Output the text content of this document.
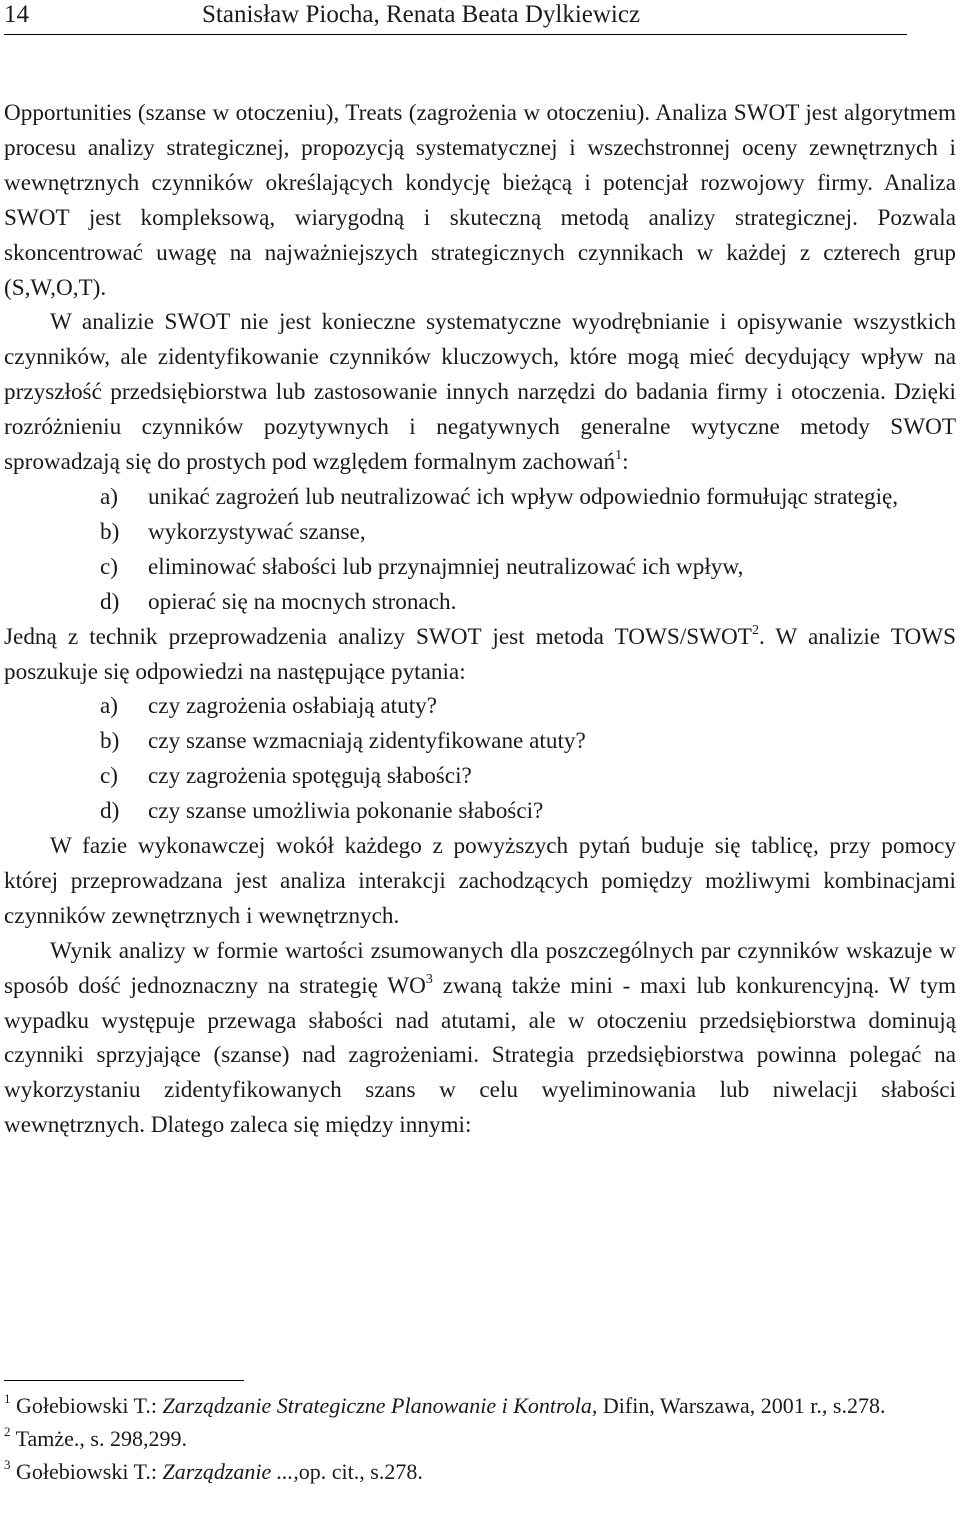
14	Stanisław Piocha, Renata Beata Dylkiewicz

Opportunities (szanse w otoczeniu), Treats (zagrożenia w otoczeniu). Analiza SWOT jest algorytmem procesu analizy strategicznej, propozycją systematycznej i wszechstronnej oceny zewnętrznych i wewnętrznych czynników określających kondycję bieżącą i potencjał rozwojowy firmy. Analiza SWOT jest kompleksową, wiarygodną i skuteczną metodą analizy strategicznej. Pozwala skoncentrować uwagę na najważniejszych strategicznych czynnikach w każdej z czterech grup (S,W,O,T).

W analizie SWOT nie jest konieczne systematyczne wyodrębnianie i opisywanie wszystkich czynników, ale zidentyfikowanie czynników kluczowych, które mogą mieć decydujący wpływ na przyszłość przedsiębiorstwa lub zastosowanie innych narzędzi do badania firmy i otoczenia. Dzięki rozróżnieniu czynników pozytywnych i negatywnych generalne wytyczne metody SWOT sprowadzają się do prostych pod względem formalnym zachowań$^1$:

a) unikać zagrożeń lub neutralizować ich wpływ odpowiednio formułując strategię,
b) wykorzystywać szanse,
c) eliminować słabości lub przynajmniej neutralizować ich wpływ,
d) opierać się na mocnych stronach.

Jedną z technik przeprowadzenia analizy SWOT jest metoda TOWS/SWOT$^2$. W analizie TOWS poszukuje się odpowiedzi na następujące pytania:

a) czy zagrożenia osłabiają atuty?
b) czy szanse wzmacniają zidentyfikowane atuty?
c) czy zagrożenia spotęgują słabości?
d) czy szanse umożliwia pokonanie słabości?

W fazie wykonawczej wokół każdego z powyższych pytań buduje się tablicę, przy pomocy której przeprowadzana jest analiza interakcji zachodzących pomiędzy możliwymi kombinacjami czynników zewnętrznych i wewnętrznych.

Wynik analizy w formie wartości zsumowanych dla poszczególnych par czynników wskazuje w sposób dość jednoznaczny na strategię $WO^3$ zwaną także mini - maxi lub konkurencyjną. W tym wypadku występuje przewaga słabości nad atutami, ale w otoczeniu przedsiębiorstwa dominują czynniki sprzyjające (szanse) nad zagrożeniami. Strategia przedsiębiorstwa powinna polegać na wykorzystaniu zidentyfikowanych szans w celu wyeliminowania lub niwelacji słabości wewnętrznych. Dlatego zaleca się między innymi:

$^1$ Gołebiowski T.: Zarządzanie Strategiczne Planowanie i Kontrola, Difin, Warszawa, 2001 r., s.278.

$^2$ Tamże., s. 298,299.

$^3$ Gołebiowski T.: Zarządzanie ...,op. cit., s.278.
